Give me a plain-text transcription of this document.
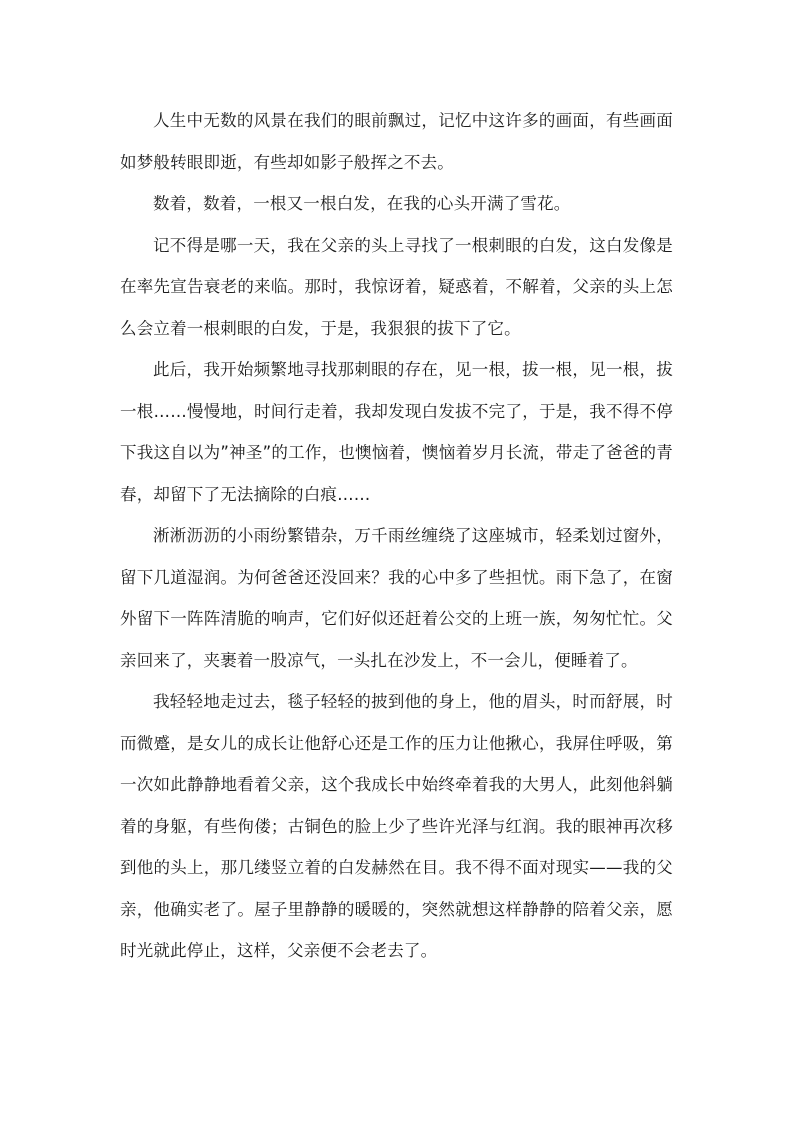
人生中无数的风景在我们的眼前飘过，记忆中这许多的画面，有些画面如梦般转眼即逝，有些却如影子般挥之不去。

数着，数着，一根又一根白发，在我的心头开满了雪花。

记不得是哪一天，我在父亲的头上寻找了一根刺眼的白发，这白发像是在率先宣告衰老的来临。那时，我惊讶着，疑惑着，不解着，父亲的头上怎么会立着一根刺眼的白发，于是，我狠狠的拔下了它。

此后，我开始频繁地寻找那刺眼的存在，见一根，拔一根，见一根，拔一根……慢慢地，时间行走着，我却发现白发拔不完了，于是，我不得不停下我这自以为”神圣”的工作，也懊恼着，懊恼着岁月长流，带走了爸爸的青春，却留下了无法摘除的白痕……

淅淅沥沥的小雨纷繁错杂，万千雨丝缠绕了这座城市，轻柔划过窗外，留下几道湿润。为何爸爸还没回来？我的心中多了些担忧。雨下急了，在窗外留下一阵阵清脆的响声，它们好似还赶着公交的上班一族，匆匆忙忙。父亲回来了，夹裹着一股凉气，一头扎在沙发上，不一会儿，便睡着了。

我轻轻地走过去，毯子轻轻的披到他的身上，他的眉头，时而舒展，时而微蹙，是女儿的成长让他舒心还是工作的压力让他揪心，我屏住呼吸，第一次如此静静地看着父亲，这个我成长中始终牵着我的大男人，此刻他斜躺着的身躯，有些佝偻；古铜色的脸上少了些许光泽与红润。我的眼神再次移到他的头上，那几缕竖立着的白发赫然在目。我不得不面对现实——我的父亲，他确实老了。屋子里静静的暖暖的，突然就想这样静静的陪着父亲，愿时光就此停止，这样，父亲便不会老去了。
